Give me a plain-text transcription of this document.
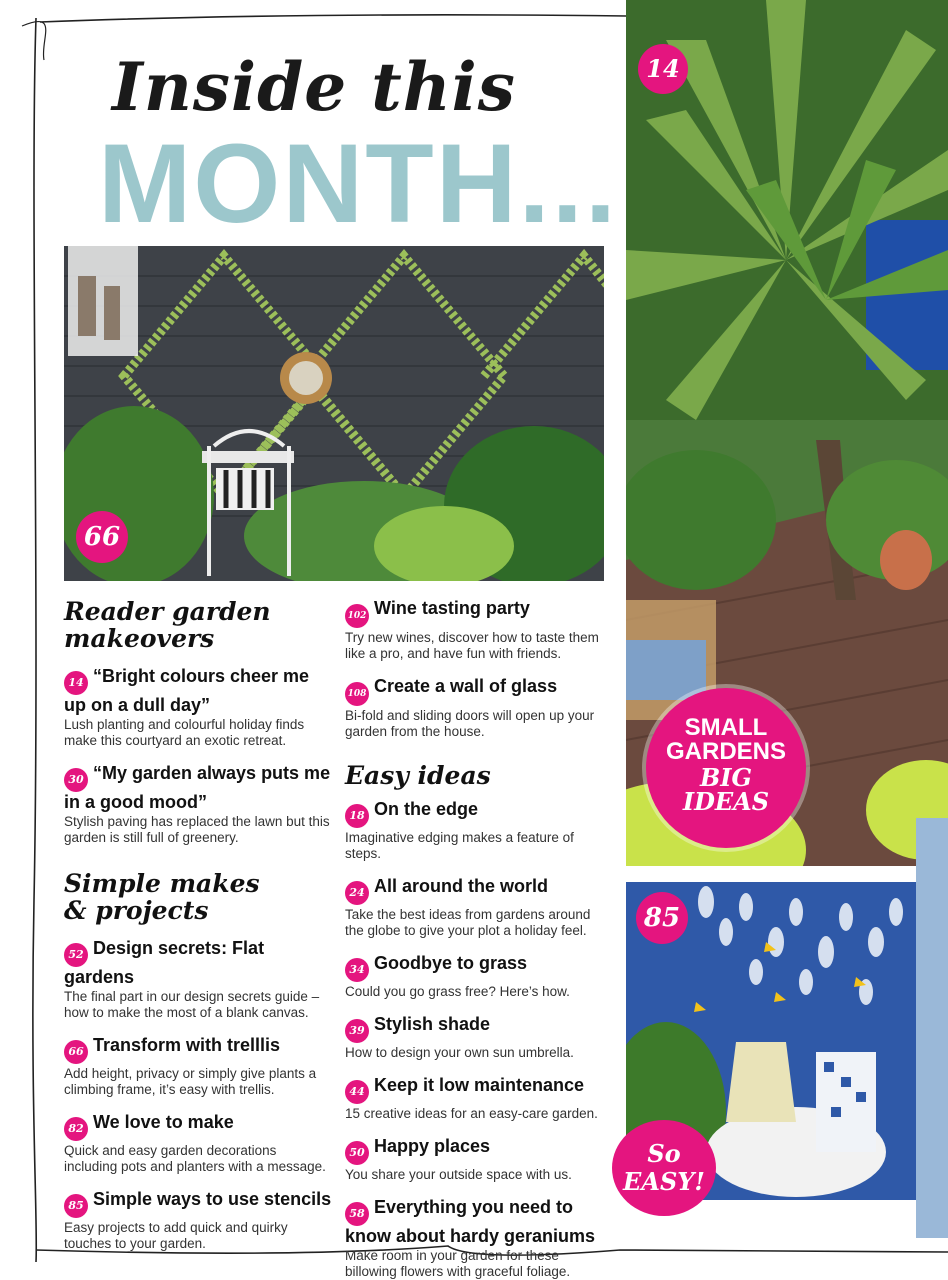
Inside this
MONTH...
66
14
SMALL
GARDENS
BIG
IDEAS
85
So
EASY!
Reader garden
makeovers
14 “Bright colours cheer me up on a dull day”
Lush planting and colourful holiday finds make this courtyard an exotic retreat.
30 “My garden always puts me in a good mood”
Stylish paving has replaced the lawn but this garden is still full of greenery.
Simple makes
& projects
52 Design secrets: Flat gardens
The final part in our design secrets guide – how to make the most of a blank canvas.
66 Transform with trelllis
Add height, privacy or simply give plants a climbing frame, it’s easy with trellis.
82 We love to make
Quick and easy garden decorations including pots and planters with a message.
85 Simple ways to use stencils
Easy projects to add quick and quirky touches to your garden.
102 Wine tasting party
Try new wines, discover how to taste them like a pro, and have fun with friends.
108 Create a wall of glass
Bi-fold and sliding doors will open up your garden from the house.
Easy ideas
18 On the edge
Imaginative edging makes a feature of steps.
24 All around the world
Take the best ideas from gardens around the globe to give your plot a holiday feel.
34 Goodbye to grass
Could you go grass free? Here’s how.
39 Stylish shade
How to design your own sun umbrella.
44 Keep it low maintenance
15 creative ideas for an easy-care garden.
50 Happy places
You share your outside space with us.
58 Everything you need to know about hardy geraniums
Make room in your garden for these billowing flowers with graceful foliage.
